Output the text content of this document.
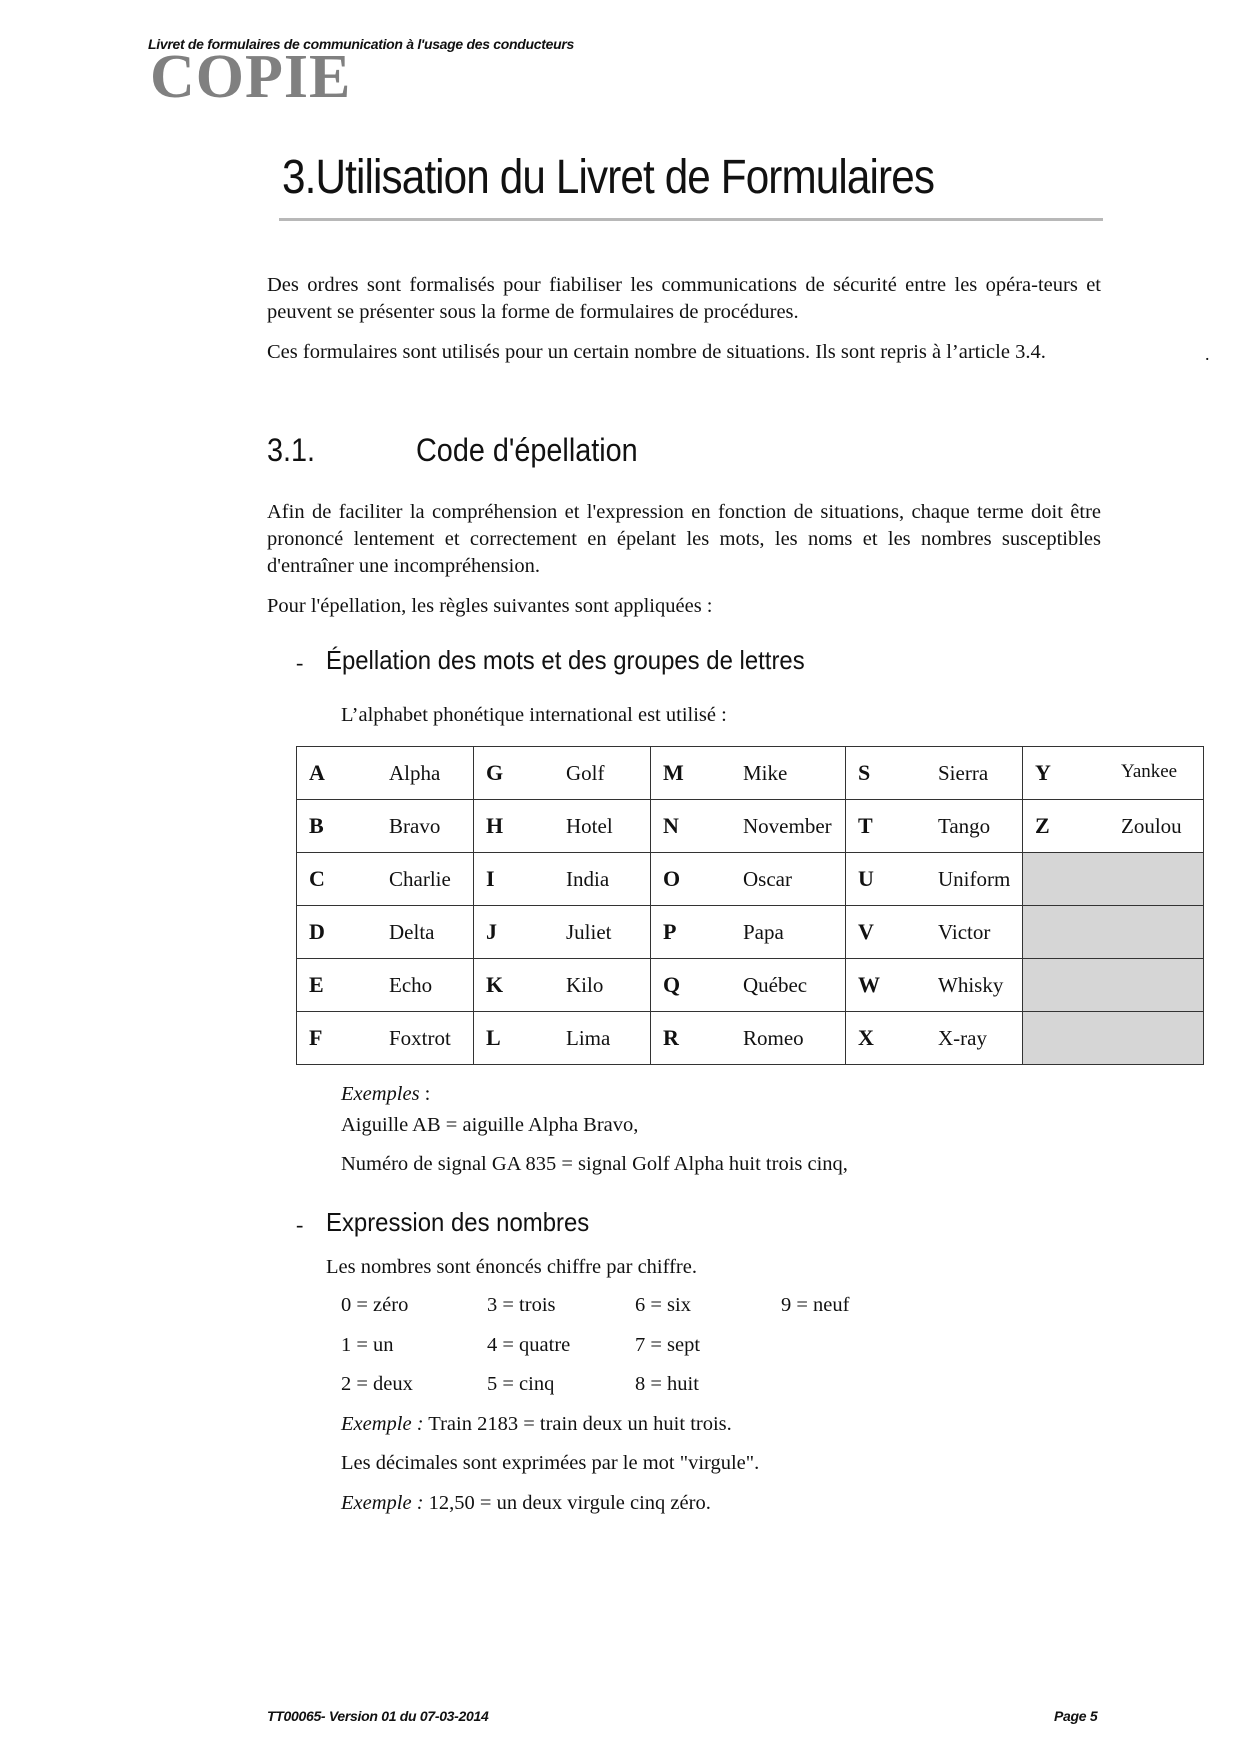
Livret de formulaires de communication à l'usage des conducteurs
COPIE
3.Utilisation du Livret de Formulaires
Des ordres sont formalisés pour fiabiliser les communications de sécurité entre les opéra-teurs et peuvent se présenter sous la forme de formulaires de procédures.
Ces formulaires sont utilisés pour un certain nombre de situations. Ils sont repris à l’article 3.4.	.
3.1.	Code d'épellation
Afin de faciliter la compréhension et l'expression en fonction de situations, chaque terme doit être prononcé lentement et correctement en épelant les mots, les noms et les nombres susceptibles d'entraîner une incompréhension.
Pour l'épellation, les règles suivantes sont appliquées :
- Épellation des mots et des groupes de lettres
L’alphabet phonétique international est utilisé :
A Alpha	G Golf	M Mike	S Sierra	Y Yankee

B Bravo	H Hotel	N November	T Tango	Z Zoulou

C Charlie	I India	O Oscar	U Uniform	

D Delta	J Juliet	P Papa	V Victor	

E Echo	K Kilo	Q Québec	W Whisky	

F Foxtrot	L Lima	R Romeo	X X-ray	

Exemples :
Aiguille AB = aiguille Alpha Bravo,
Numéro de signal GA 835 = signal Golf Alpha huit trois cinq,
- Expression des nombres
Les nombres sont énoncés chiffre par chiffre.
0 = zéro	3 = trois	6 = six	9 = neuf
1 = un	4 = quatre	7 = sept
2 = deux	5 = cinq	8 = huit
Exemple : Train 2183 = train deux un huit trois.
Les décimales sont exprimées par le mot "virgule".
Exemple : 12,50 = un deux virgule cinq zéro.
TT00065- Version 01 du 07-03-2014	Page 5
